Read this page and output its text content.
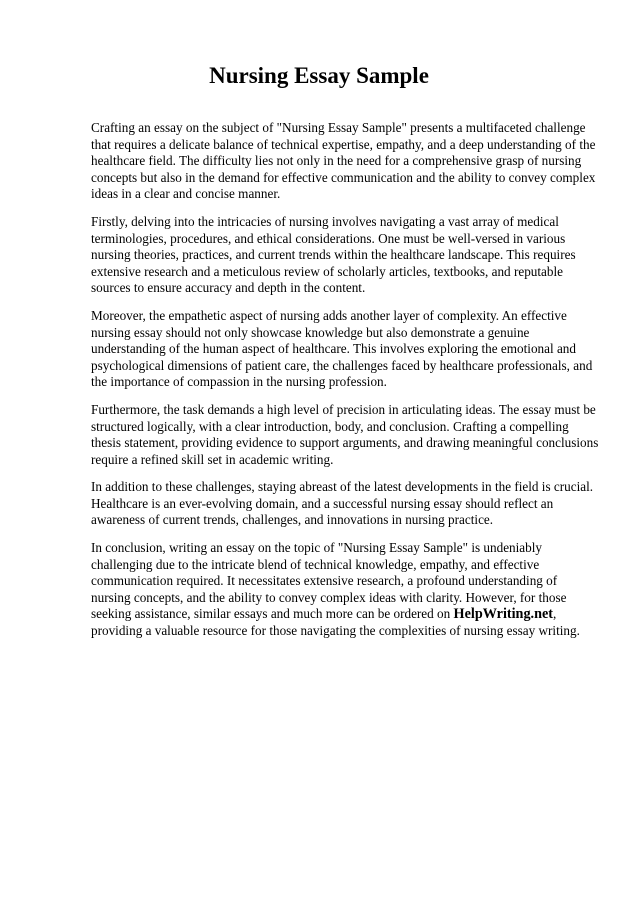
Nursing Essay Sample

Crafting an essay on the subject of "Nursing Essay Sample" presents a multifaceted challenge that requires a delicate balance of technical expertise, empathy, and a deep understanding of the healthcare field. The difficulty lies not only in the need for a comprehensive grasp of nursing concepts but also in the demand for effective communication and the ability to convey complex ideas in a clear and concise manner.

Firstly, delving into the intricacies of nursing involves navigating a vast array of medical terminologies, procedures, and ethical considerations. One must be well-versed in various nursing theories, practices, and current trends within the healthcare landscape. This requires extensive research and a meticulous review of scholarly articles, textbooks, and reputable sources to ensure accuracy and depth in the content.

Moreover, the empathetic aspect of nursing adds another layer of complexity. An effective nursing essay should not only showcase knowledge but also demonstrate a genuine understanding of the human aspect of healthcare. This involves exploring the emotional and psychological dimensions of patient care, the challenges faced by healthcare professionals, and the importance of compassion in the nursing profession.

Furthermore, the task demands a high level of precision in articulating ideas. The essay must be structured logically, with a clear introduction, body, and conclusion. Crafting a compelling thesis statement, providing evidence to support arguments, and drawing meaningful conclusions require a refined skill set in academic writing.

In addition to these challenges, staying abreast of the latest developments in the field is crucial. Healthcare is an ever-evolving domain, and a successful nursing essay should reflect an awareness of current trends, challenges, and innovations in nursing practice.

In conclusion, writing an essay on the topic of "Nursing Essay Sample" is undeniably challenging due to the intricate blend of technical knowledge, empathy, and effective communication required. It necessitates extensive research, a profound understanding of nursing concepts, and the ability to convey complex ideas with clarity. However, for those seeking assistance, similar essays and much more can be ordered on HelpWriting.net, providing a valuable resource for those navigating the complexities of nursing essay writing.
